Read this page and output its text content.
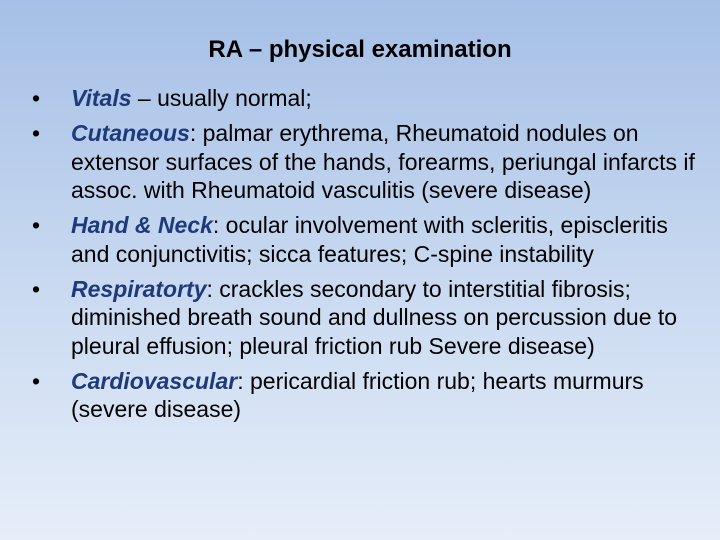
RA – physical examination
• Vitals – usually normal;
• Cutaneous: palmar erythrema, Rheumatoid nodules on extensor surfaces of the hands, forearms, periungal infarcts if assoc. with Rheumatoid vasculitis (severe disease)
• Hand & Neck: ocular involvement with scleritis, episcleritis and conjunctivitis; sicca features; C-spine instability
• Respiratorty: crackles secondary to interstitial fibrosis; diminished breath sound and dullness on percussion due to pleural effusion; pleural friction rub Severe disease)
• Cardiovascular: pericardial friction rub; hearts murmurs (severe disease)
